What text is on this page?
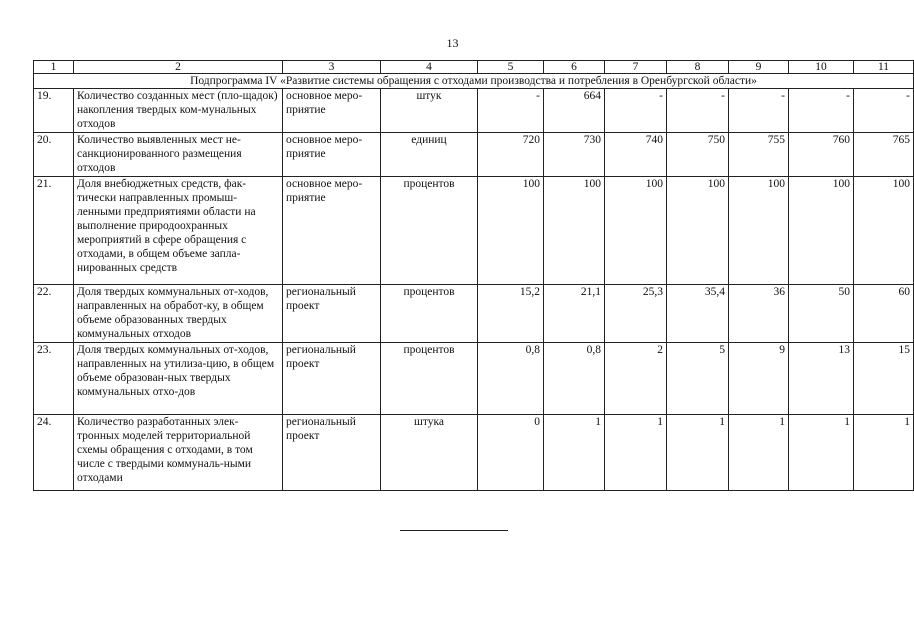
13
1	2	3	4	5	6	7	8	9	10	11
Подпрограмма IV «Развитие системы обращения с отходами производства и потребления в Оренбургской области»										
19.	Количество созданных мест (пло-щадок) накопления твердых ком-мунальных отходов	основное меро-приятие	штук	-	664	-	-	-	-	-
20.	Количество выявленных мест не-санкционированного размещения отходов	основное меро-приятие	единиц	720	730	740	750	755	760	765
21.	Доля внебюджетных средств, фак-тически направленных промыш-ленными предприятиями области на выполнение природоохранных мероприятий в сфере обращения с отходами, в общем объеме запла-нированных средств	основное меро-приятие	процентов	100	100	100	100	100	100	100
22.	Доля твердых коммунальных от-ходов, направленных на обработ-ку, в общем объеме образованных твердых коммунальных отходов	региональный проект	процентов	15,2	21,1	25,3	35,4	36	50	60
23.	Доля твердых коммунальных от-ходов, направленных на утилиза-цию, в общем объеме образован-ных твердых коммунальных отхо-дов	региональный проект	процентов	0,8	0,8	2	5	9	13	15
24.	Количество разработанных элек-тронных моделей территориальной схемы обращения с отходами, в том числе с твердыми коммуналь-ными отходами	региональный проект	штука	0	1	1	1	1	1	1
